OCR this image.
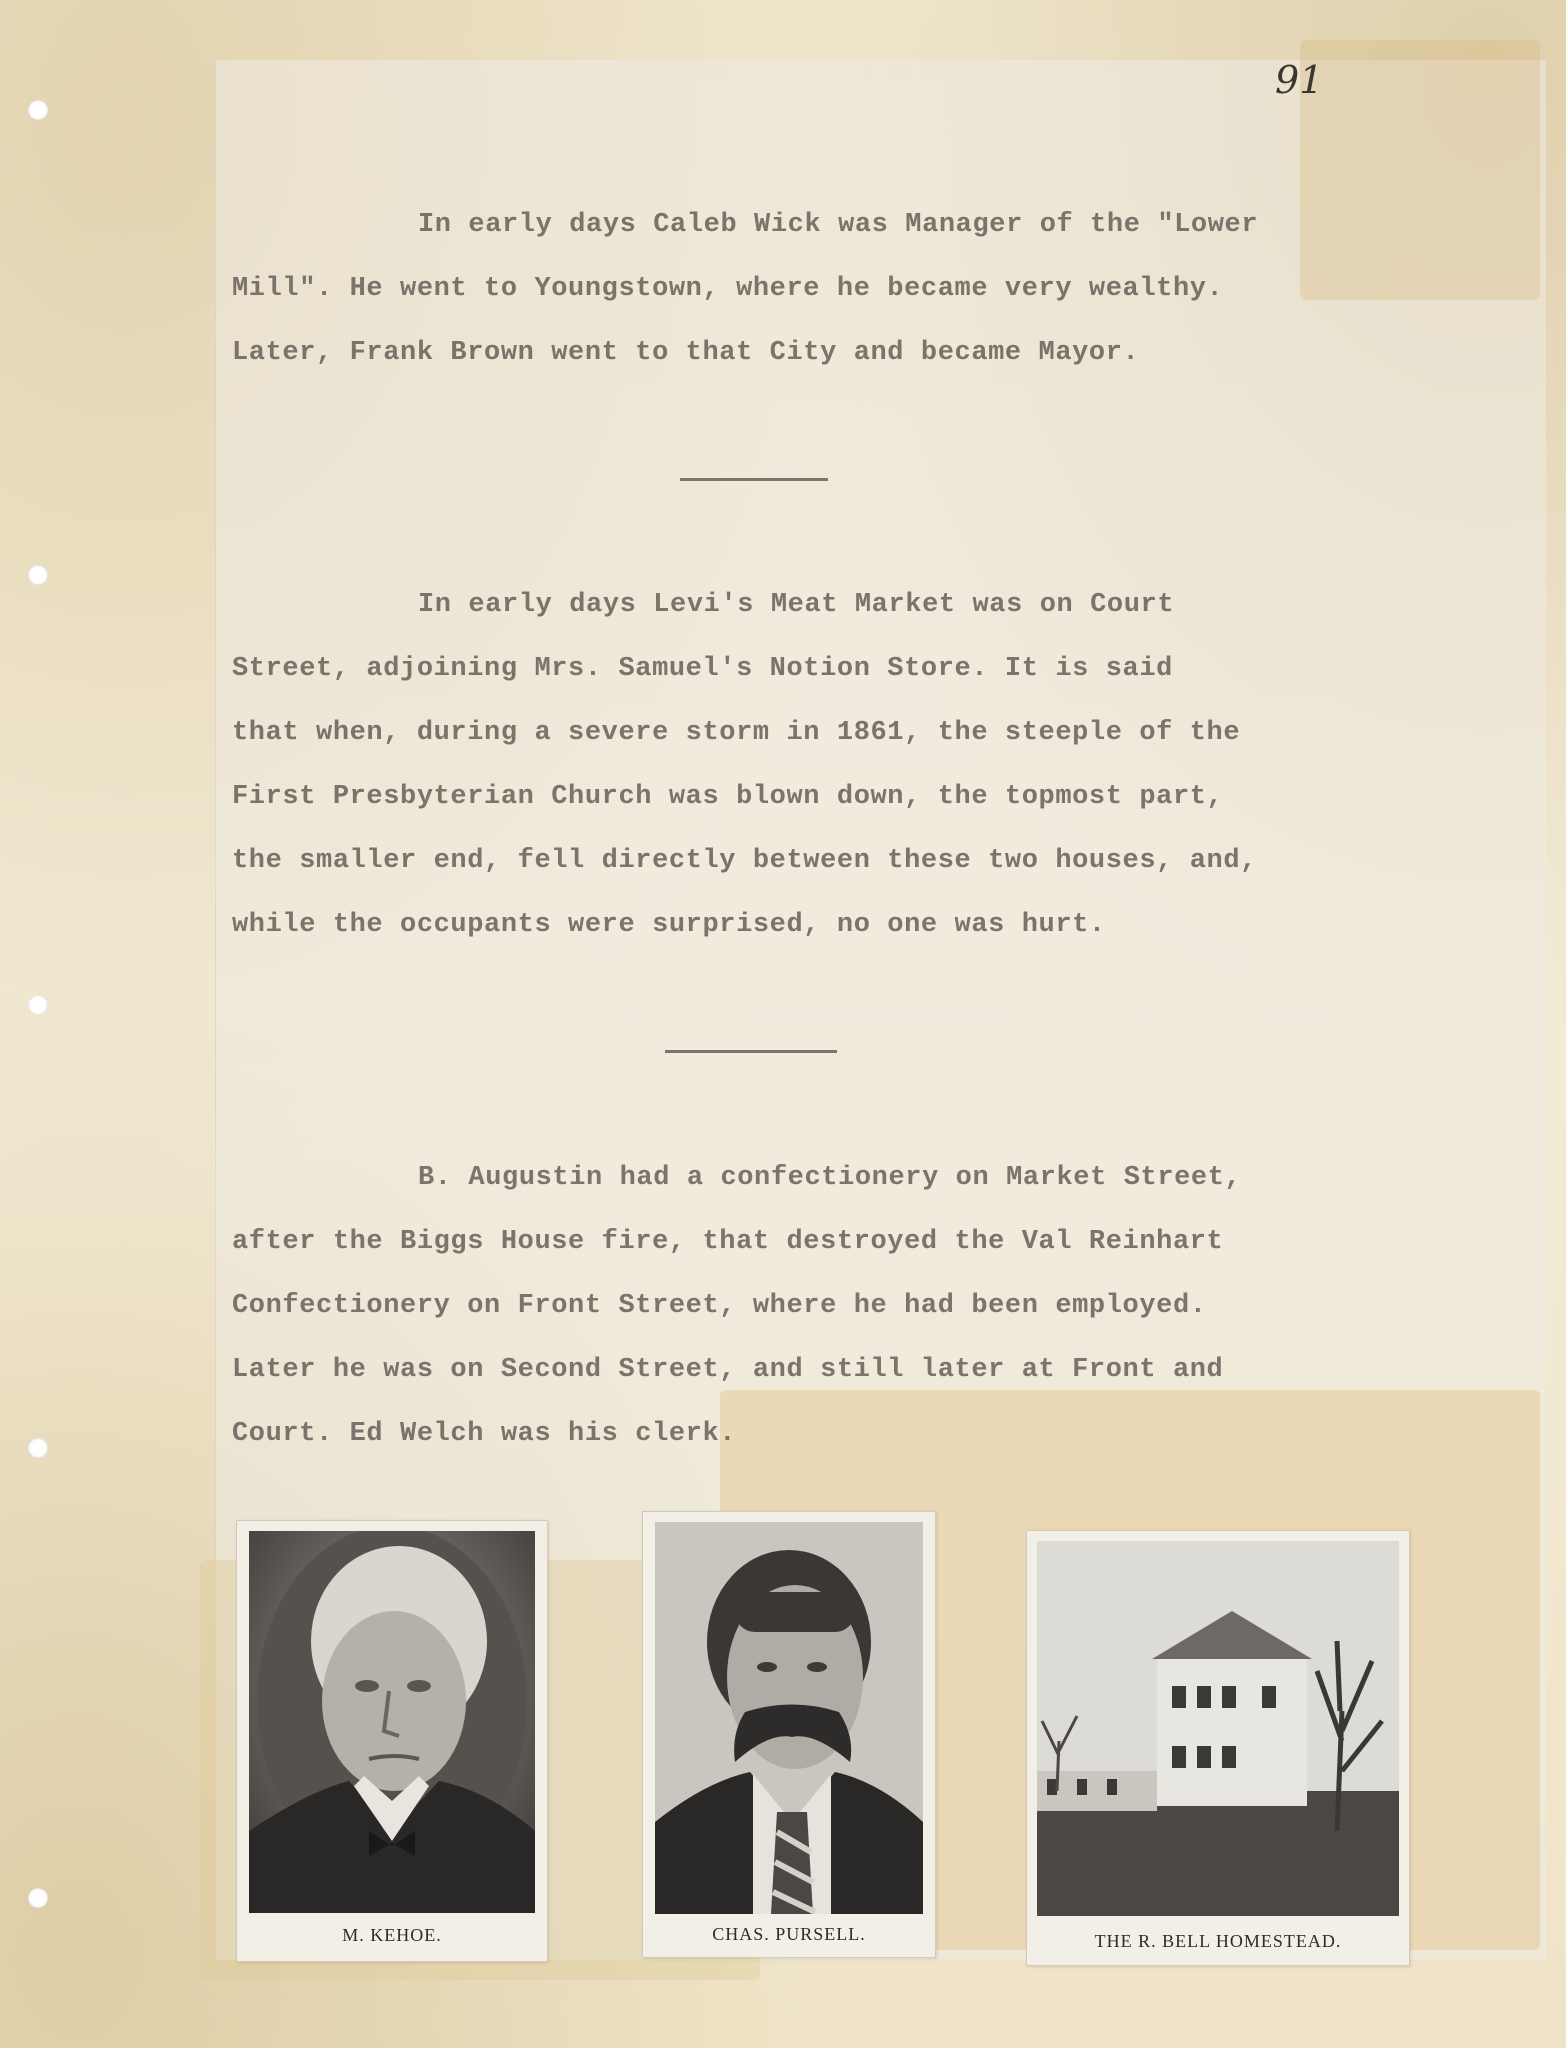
91

In early days Caleb Wick was Manager of the "Lower
Mill". He went to Youngstown, where he became very wealthy.
Later, Frank Brown went to that City and became Mayor.

In early days Levi's Meat Market was on Court
Street, adjoining Mrs. Samuel's Notion Store. It is said
that when, during a severe storm in 1861, the steeple of the
First Presbyterian Church was blown down, the topmost part,
the smaller end, fell directly between these two houses, and,
while the occupants were surprised, no one was hurt.

B. Augustin had a confectionery on Market Street,
after the Biggs House fire, that destroyed the Val Reinhart
Confectionery on Front Street, where he had been employed.
Later he was on Second Street, and still later at Front and
Court. Ed Welch was his clerk.

M. KEHOE.	CHAS. PURSELL.	THE R. BELL HOMESTEAD.
